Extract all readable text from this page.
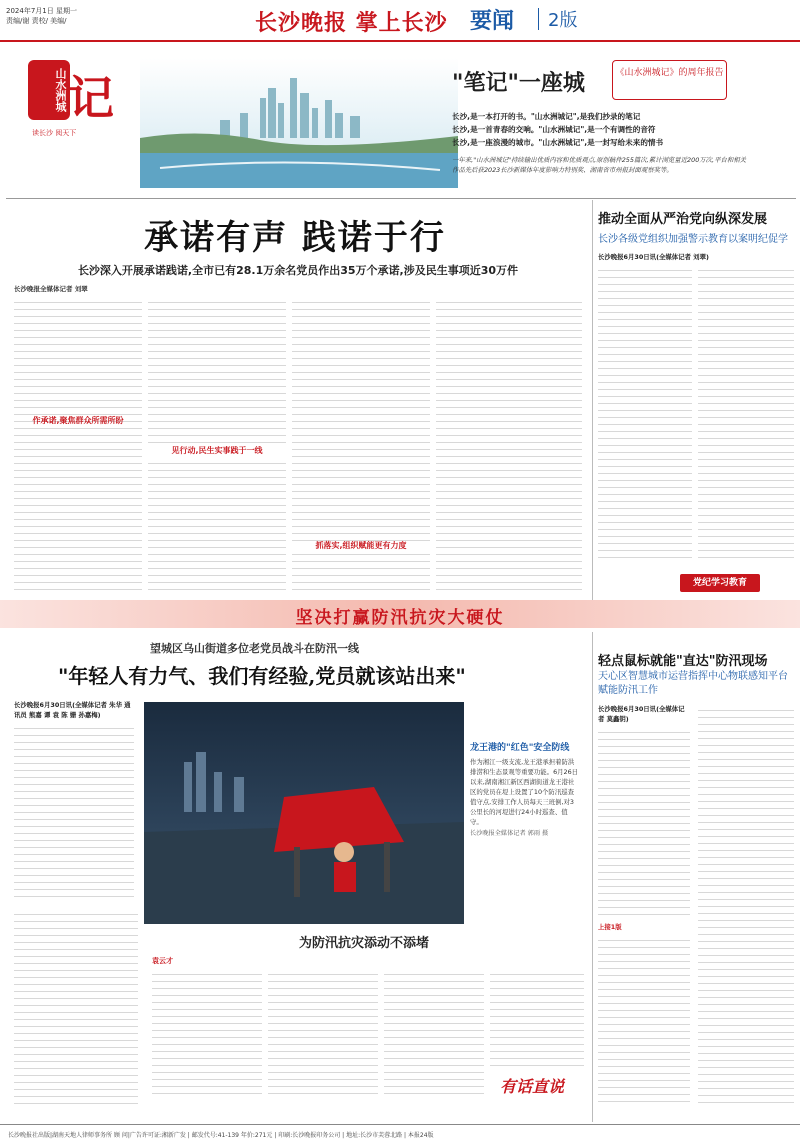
2024年7月1日 星期一
责编/谢 责校/ 美编/	长沙晚报 掌上长沙 要闻 2版
山水洲城 记
读长沙 阅天下
"笔记"一座城	《山水洲城记》的周年报告
长沙,是一本打开的书。"山水洲城记",是我们抄录的笔记
长沙,是一首青春的交响。"山水洲城记",是一个有调性的音符
长沙,是一座浪漫的城市。"山水洲城记",是一封写给未来的情书
一年来,"山水洲城记"持续输出优质内容和优质观点,原创稿件255篇次,累计浏览量近200万次,平台和相关作品先后获2023长沙新媒体年度影响力特别奖、湖南省市州报封面观察奖等。
承诺有声 践诺于行
长沙深入开展承诺践诺,全市已有28.1万余名党员作出35万个承诺,涉及民生事项近30万件
长沙晚报全媒体记者 刘翠
作承诺,聚焦群众所需所盼
见行动,民生实事践于一线
抓落实,组织赋能更有力度
推动全面从严治党向纵深发展
长沙各级党组织加强警示教育以案明纪促学
长沙晚报6月30日讯(全媒体记者 刘翠)
党纪学习教育
坚决打赢防汛抗灾大硬仗
望城区乌山街道多位老党员战斗在防汛一线
"年轻人有力气、我们有经验,党员就该站出来"
长沙晚报6月30日讯(全媒体记者 朱华 通讯员 熊嘉 谭 袁 陈 姗 孙嘉梅)
龙王港的"红色"安全防线
作为湘江一级支流,龙王港承担着防洪排涝和生态景观等重要功能。6月26日以来,湖南湘江新区西湖街道龙王港社区的党员在堤上设置了10个防汛巡查值守点,安排工作人员每天三班倒,对3公里长的河堤进行24小时巡查、值守。
长沙晚报全媒体记者 郭雨 摄
轻点鼠标就能"直达"防汛现场
天心区智慧城市运营指挥中心物联感知平台赋能防汛工作
长沙晚报6月30日讯(全媒体记者 莫鑫钥)
上接1版
为防汛抗灾添动不添堵
袁云才
有话直说
长沙晚报社出版|湖南天地人律师事务所 顾 问|广告许可证:湘新广发 | 邮发代号:41-139 年价:271元 | 印刷:长沙晚报印务公司 | 地址:长沙市芙蓉北路 | 本报24版
